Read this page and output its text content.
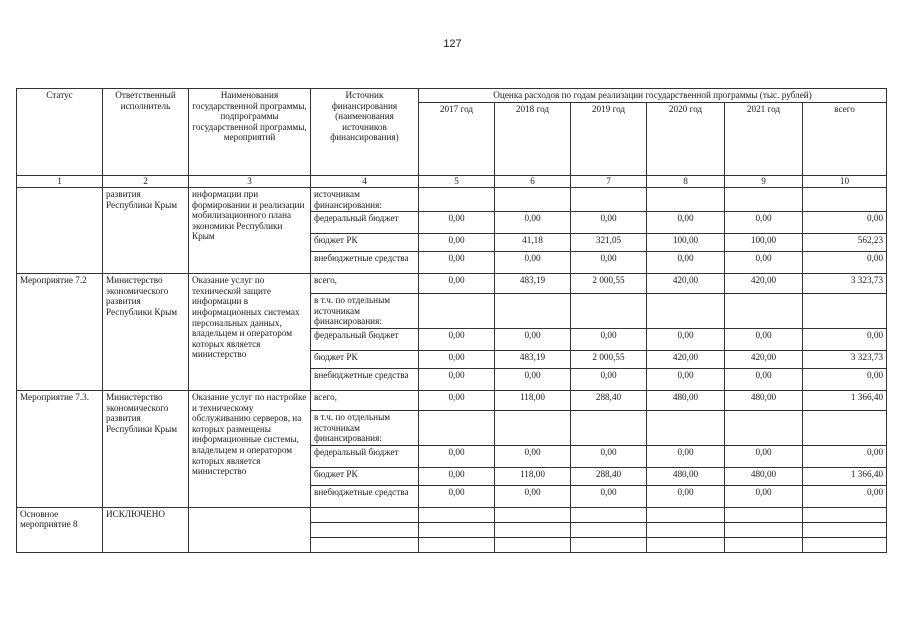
127
Статус	Ответственный исполнитель	Наименования государственной программы, подпрограммы государственной программы, мероприятий	Источник финансирования (наименования источников финансирования)	Оценка расходов по годам реализации государственной программы (тыс. рублей)					
				2017 год	2018 год	2019 год	2020 год	2021 год	всего
1	2	3	4	5	6	7	8	9	10
	развития Республики Крым	информации при формировании и реализации мобилизационного плана экономики Республики Крым	источникам финансирования:						
			федеральный бюджет	0,00	0,00	0,00	0,00	0,00	0,00
			бюджет РК	0,00	41,18	321,05	100,00	100,00	562,23
			внебюджетные средства	0,00	0,00	0,00	0,00	0,00	0,00
Мероприятие 7.2	Министерство экономического развития Республики Крым	Оказание услуг по технической защите информации в информационных системах персональных данных, владельцем и оператором которых является министерство	всего,	0,00	483,19	2 000,55	420,00	420,00	3 323,73
			в т.ч. по отдельным источникам финансирования:						
			федеральный бюджет	0,00	0,00	0,00	0,00	0,00	0,00
			бюджет РК	0,00	483,19	2 000,55	420,00	420,00	3 323,73
			внебюджетные средства	0,00	0,00	0,00	0,00	0,00	0,00
Мероприятие 7.3.	Министерство экономического развития Республики Крым	Оказание услуг по настройке и техническому обслуживанию серверов, на которых размещены информационные системы, владельцем и оператором которых является министерство	всего,	0,00	118,00	288,40	480,00	480,00	1 366,40
			в т.ч. по отдельным источникам финансирования:						
			федеральный бюджет	0,00	0,00	0,00	0,00	0,00	0,00
			бюджет РК	0,00	118,00	288,40	480,00	480,00	1 366,40
			внебюджетные средства	0,00	0,00	0,00	0,00	0,00	0,00
Основное мероприятие 8	ИСКЛЮЧЕНО								
